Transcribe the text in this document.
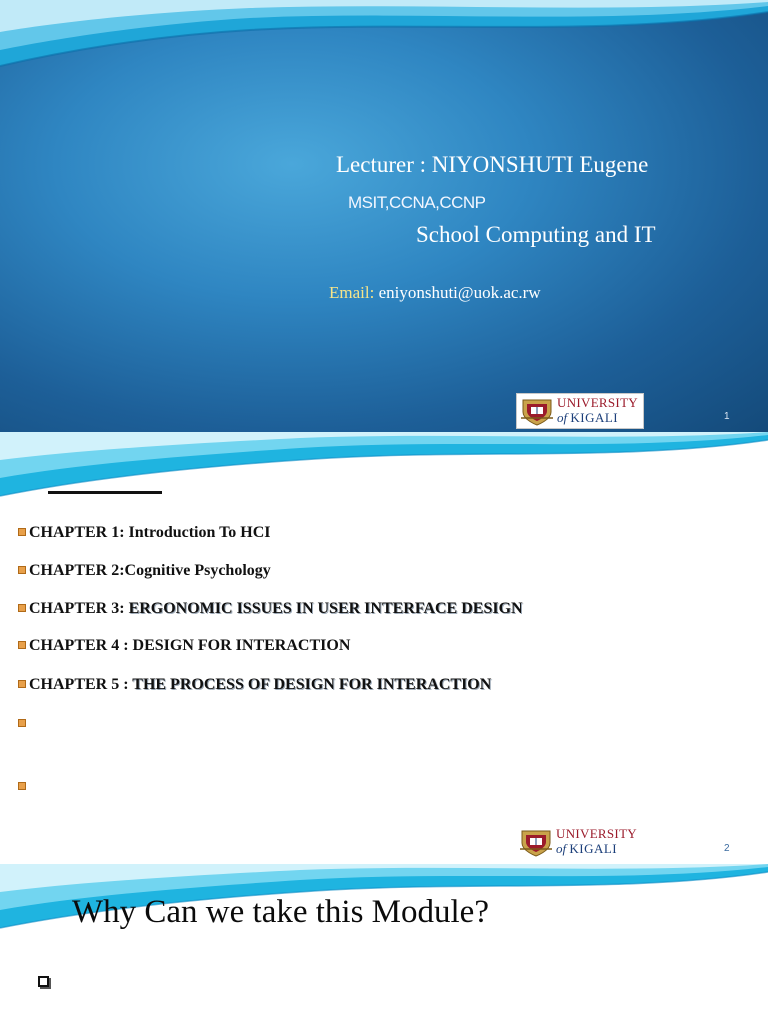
Lecturer : NIYONSHUTI Eugene
MSIT,CCNA,CCNP
School Computing and IT
Email: eniyonshuti@uok.ac.rw
UNIVERSITY
of KIGALI	1
CHAPTER 1: Introduction To HCI
CHAPTER 2:Cognitive Psychology
CHAPTER 3: ERGONOMIC ISSUES IN USER INTERFACE DESIGN
CHAPTER 4 : DESIGN FOR INTERACTION
CHAPTER 5 : THE PROCESS OF DESIGN FOR INTERACTION
UNIVERSITY
of KIGALI	2
Why Can we take this Module?
